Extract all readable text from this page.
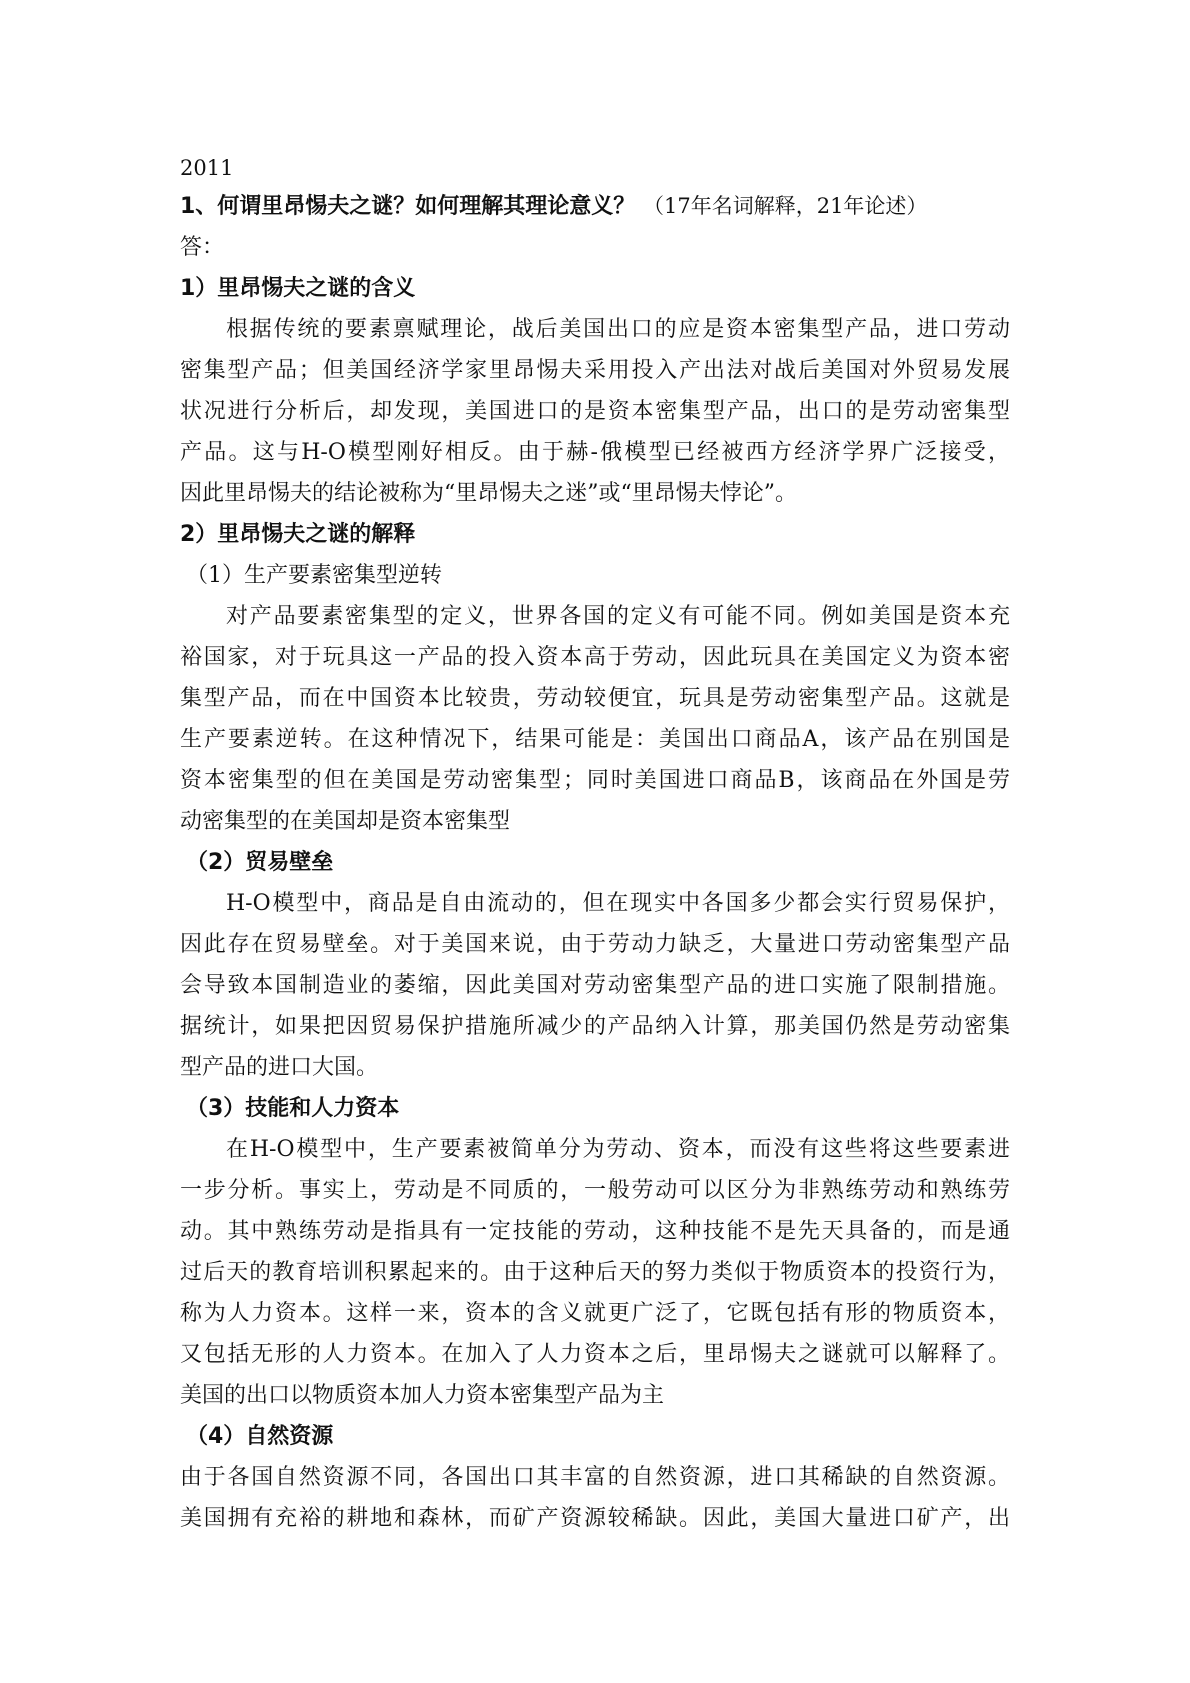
2011
1、何谓里昂惕夫之谜？如何理解其理论意义？ （17年名词解释，21年论述）
答：
1）里昂惕夫之谜的含义
根据传统的要素禀赋理论，战后美国出口的应是资本密集型产品，进口劳动
密集型产品；但美国经济学家里昂惕夫采用投入产出法对战后美国对外贸易发展
状况进行分析后，却发现，美国进口的是资本密集型产品，出口的是劳动密集型
产品。这与H-O模型刚好相反。由于赫-俄模型已经被西方经济学界广泛接受，
因此里昂惕夫的结论被称为“里昂惕夫之迷”或“里昂惕夫悖论”。
2）里昂惕夫之谜的解释
（1）生产要素密集型逆转
对产品要素密集型的定义，世界各国的定义有可能不同。例如美国是资本充
裕国家，对于玩具这一产品的投入资本高于劳动，因此玩具在美国定义为资本密
集型产品，而在中国资本比较贵，劳动较便宜，玩具是劳动密集型产品。这就是
生产要素逆转。在这种情况下，结果可能是：美国出口商品A，该产品在别国是
资本密集型的但在美国是劳动密集型；同时美国进口商品B，该商品在外国是劳
动密集型的在美国却是资本密集型
（2）贸易壁垒
H-O模型中，商品是自由流动的，但在现实中各国多少都会实行贸易保护，
因此存在贸易壁垒。对于美国来说，由于劳动力缺乏，大量进口劳动密集型产品
会导致本国制造业的萎缩，因此美国对劳动密集型产品的进口实施了限制措施。
据统计，如果把因贸易保护措施所减少的产品纳入计算，那美国仍然是劳动密集
型产品的进口大国。
（3）技能和人力资本
在H-O模型中，生产要素被简单分为劳动、资本，而没有这些将这些要素进
一步分析。事实上，劳动是不同质的，一般劳动可以区分为非熟练劳动和熟练劳
动。其中熟练劳动是指具有一定技能的劳动，这种技能不是先天具备的，而是通
过后天的教育培训积累起来的。由于这种后天的努力类似于物质资本的投资行为，
称为人力资本。这样一来，资本的含义就更广泛了，它既包括有形的物质资本，
又包括无形的人力资本。在加入了人力资本之后，里昂惕夫之谜就可以解释了。
美国的出口以物质资本加人力资本密集型产品为主
（4）自然资源
由于各国自然资源不同，各国出口其丰富的自然资源，进口其稀缺的自然资源。
美国拥有充裕的耕地和森林，而矿产资源较稀缺。因此，美国大量进口矿产，出
